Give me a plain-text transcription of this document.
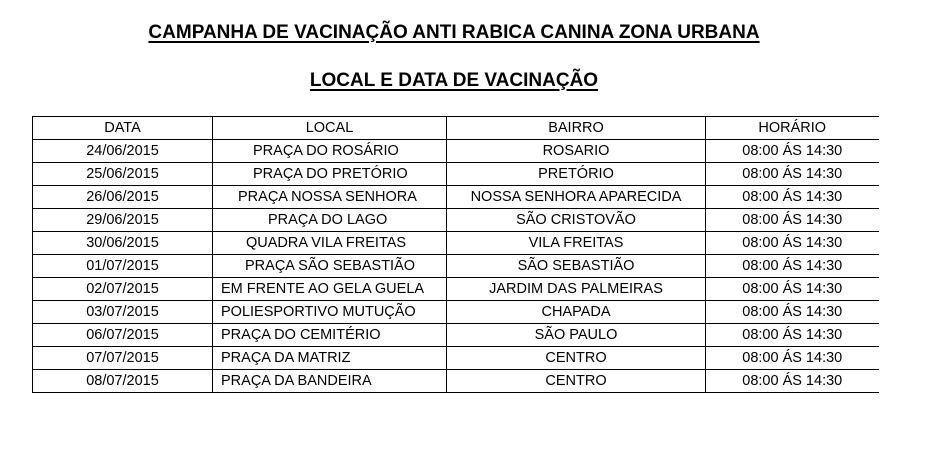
CAMPANHA DE VACINAÇÃO ANTI RABICA CANINA ZONA URBANA
LOCAL E DATA DE VACINAÇÃO
DATA	LOCAL	BAIRRO	HORÁRIO
24/06/2015	PRAÇA DO ROSÁRIO	ROSARIO	08:00 ÁS 14:30
25/06/2015	PRAÇA DO PRETÓRIO	PRETÓRIO	08:00 ÁS 14:30
26/06/2015	PRAÇA NOSSA SENHORA	NOSSA SENHORA APARECIDA	08:00 ÁS 14:30
29/06/2015	PRAÇA DO LAGO	SÃO CRISTOVÃO	08:00 ÁS 14:30
30/06/2015	QUADRA VILA FREITAS	VILA FREITAS	08:00 ÁS 14:30
01/07/2015	PRAÇA SÃO SEBASTIÃO	SÃO SEBASTIÃO	08:00 ÁS 14:30
02/07/2015	EM FRENTE AO GELA GUELA	JARDIM DAS PALMEIRAS	08:00 ÁS 14:30
03/07/2015	POLIESPORTIVO MUTUÇÃO	CHAPADA	08:00 ÁS 14:30
06/07/2015	PRAÇA DO CEMITÉRIO	SÃO PAULO	08:00 ÁS 14:30
07/07/2015	PRAÇA DA MATRIZ	CENTRO	08:00 ÁS 14:30
08/07/2015	PRAÇA DA BANDEIRA	CENTRO	08:00 ÁS 14:30
